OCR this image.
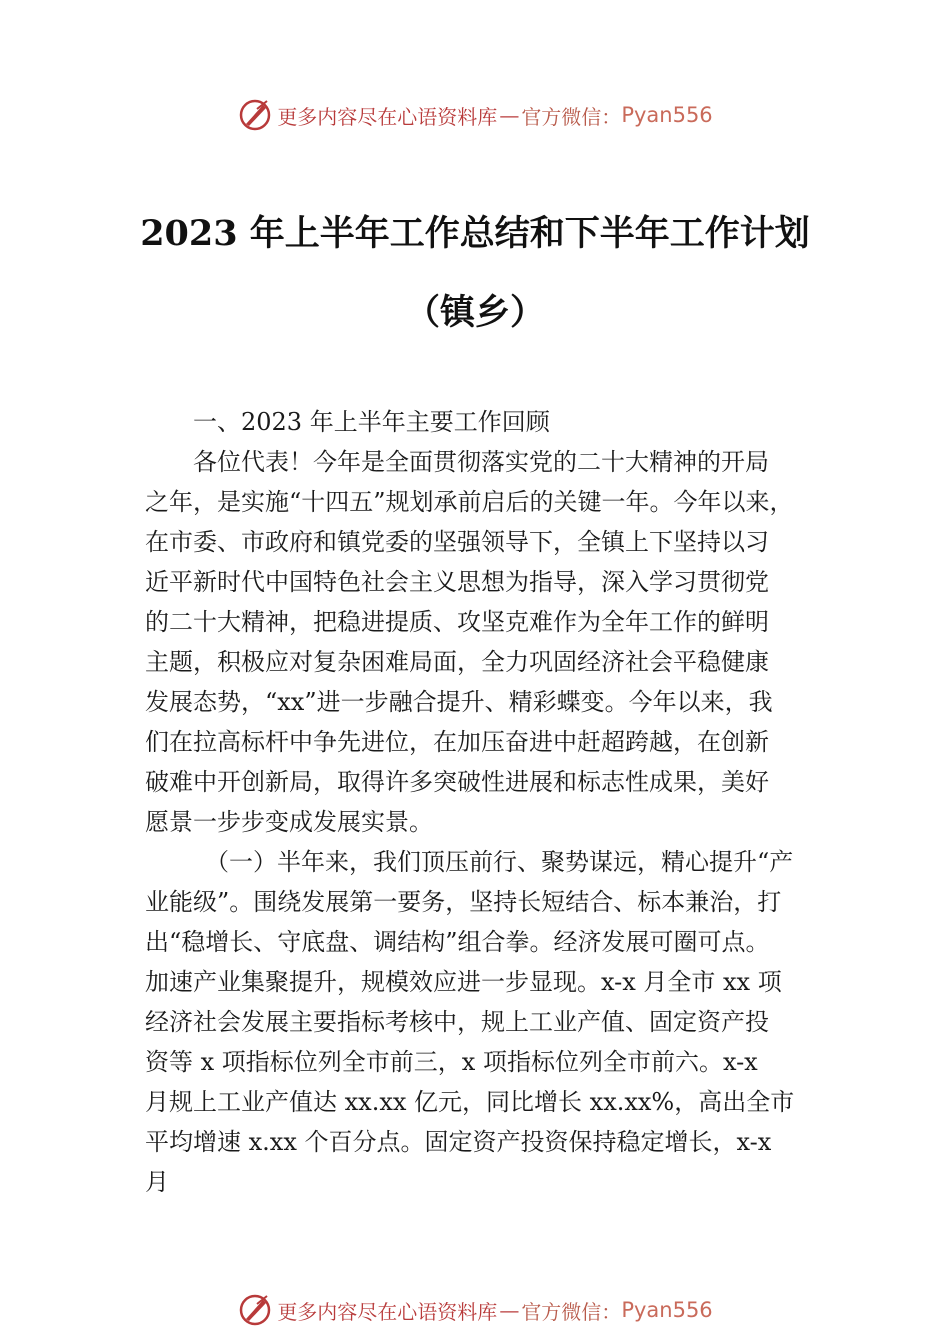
更多内容尽在心语资料库 — 官方微信： Pyan556
2023 年上半年工作总结和下半年工作计划
（镇乡）

一、2023 年上半年主要工作回顾

各位代表！今年是全面贯彻落实党的二十大精神的开局
之年，是实施“十四五”规划承前启后的关键一年。今年以来，
在市委、市政府和镇党委的坚强领导下，全镇上下坚持以习
近平新时代中国特色社会主义思想为指导，深入学习贯彻党
的二十大精神，把稳进提质、攻坚克难作为全年工作的鲜明
主题，积极应对复杂困难局面，全力巩固经济社会平稳健康
发展态势，“xx”进一步融合提升、精彩蝶变。今年以来，我
们在拉高标杆中争先进位，在加压奋进中赶超跨越，在创新
破难中开创新局，取得许多突破性进展和标志性成果，美好
愿景一步步变成发展实景。
（一）半年来，我们顶压前行、聚势谋远，精心提升“产
业能级”。围绕发展第一要务，坚持长短结合、标本兼治，打
出“稳增长、守底盘、调结构”组合拳。经济发展可圈可点。
加速产业集聚提升，规模效应进一步显现。x-x 月全市 xx 项
经济社会发展主要指标考核中，规上工业产值、固定资产投
资等 x 项指标位列全市前三，x 项指标位列全市前六。x-x
月规上工业产值达 xx.xx 亿元，同比增长 xx.xx%，高出全市
平均增速 x.xx 个百分点。固定资产投资保持稳定增长，x-x
月
更多内容尽在心语资料库 — 官方微信： Pyan556
